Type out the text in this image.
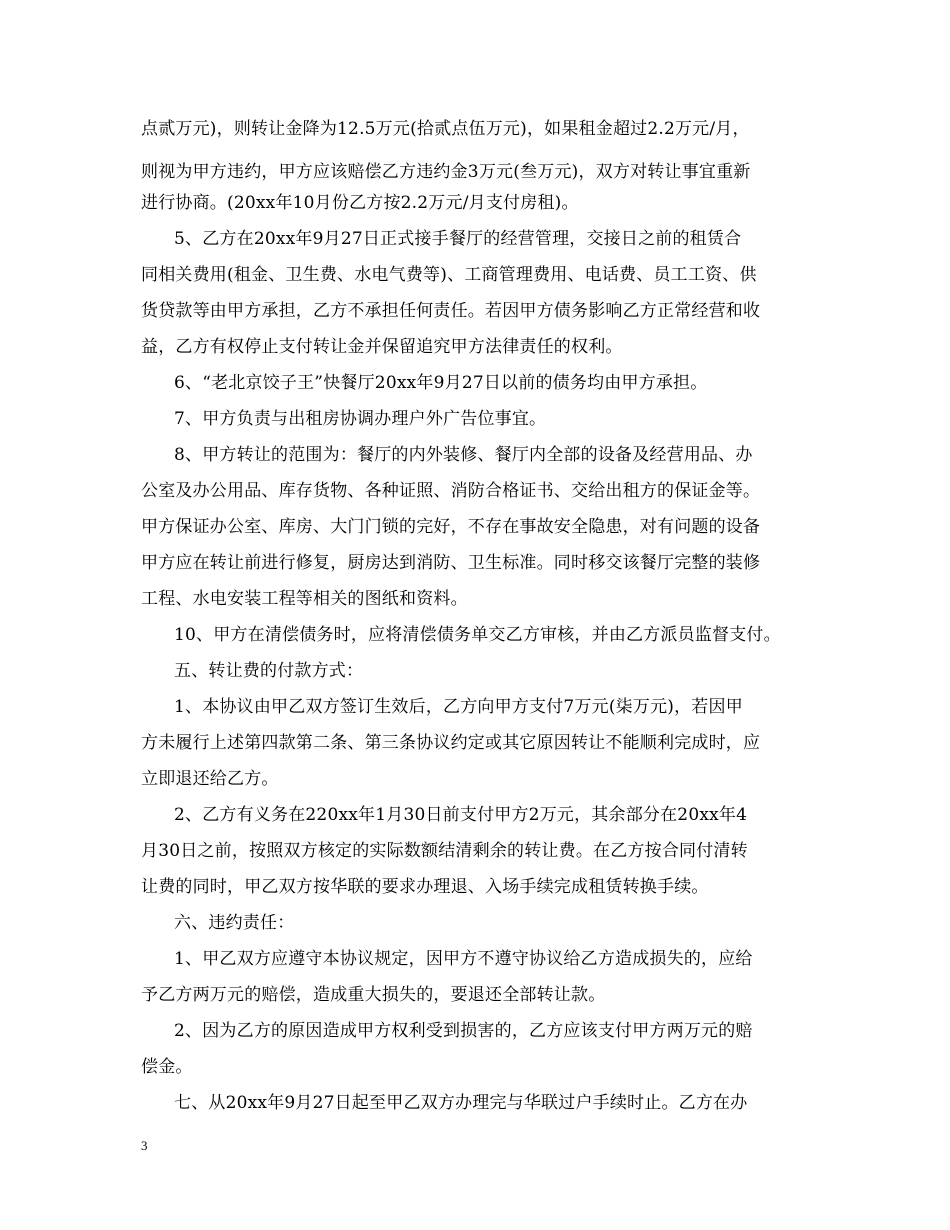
点贰万元)，则转让金降为12.5万元(拾贰点伍万元)，如果租金超过2.2万元/月，
则视为甲方违约，甲方应该赔偿乙方违约金3万元(叁万元)，双方对转让事宜重新
进行协商。(20xx年10月份乙方按2.2万元/月支付房租)。
5、乙方在20xx年9月27日正式接手餐厅的经营管理，交接日之前的租赁合
同相关费用(租金、卫生费、水电气费等)、工商管理费用、电话费、员工工资、供
货贷款等由甲方承担，乙方不承担任何责任。若因甲方债务影响乙方正常经营和收
益，乙方有权停止支付转让金并保留追究甲方法律责任的权利。
6、“老北京饺子王”快餐厅20xx年9月27日以前的债务均由甲方承担。
7、甲方负责与出租房协调办理户外广告位事宜。
8、甲方转让的范围为：餐厅的内外装修、餐厅内全部的设备及经营用品、办
公室及办公用品、库存货物、各种证照、消防合格证书、交给出租方的保证金等。
甲方保证办公室、库房、大门门锁的完好，不存在事故安全隐患，对有问题的设备
甲方应在转让前进行修复，厨房达到消防、卫生标准。同时移交该餐厅完整的装修
工程、水电安装工程等相关的图纸和资料。
10、甲方在清偿债务时，应将清偿债务单交乙方审核，并由乙方派员监督支付。
五、转让费的付款方式：
1、本协议由甲乙双方签订生效后，乙方向甲方支付7万元(柒万元)，若因甲
方未履行上述第四款第二条、第三条协议约定或其它原因转让不能顺利完成时，应
立即退还给乙方。
2、乙方有义务在220xx年1月30日前支付甲方2万元，其余部分在20xx年4
月30日之前，按照双方核定的实际数额结清剩余的转让费。在乙方按合同付清转
让费的同时，甲乙双方按华联的要求办理退、入场手续完成租赁转换手续。
六、违约责任：
1、甲乙双方应遵守本协议规定，因甲方不遵守协议给乙方造成损失的，应给
予乙方两万元的赔偿，造成重大损失的，要退还全部转让款。
2、因为乙方的原因造成甲方权利受到损害的，乙方应该支付甲方两万元的赔
偿金。
七、从20xx年9月27日起至甲乙双方办理完与华联过户手续时止。乙方在办
3
